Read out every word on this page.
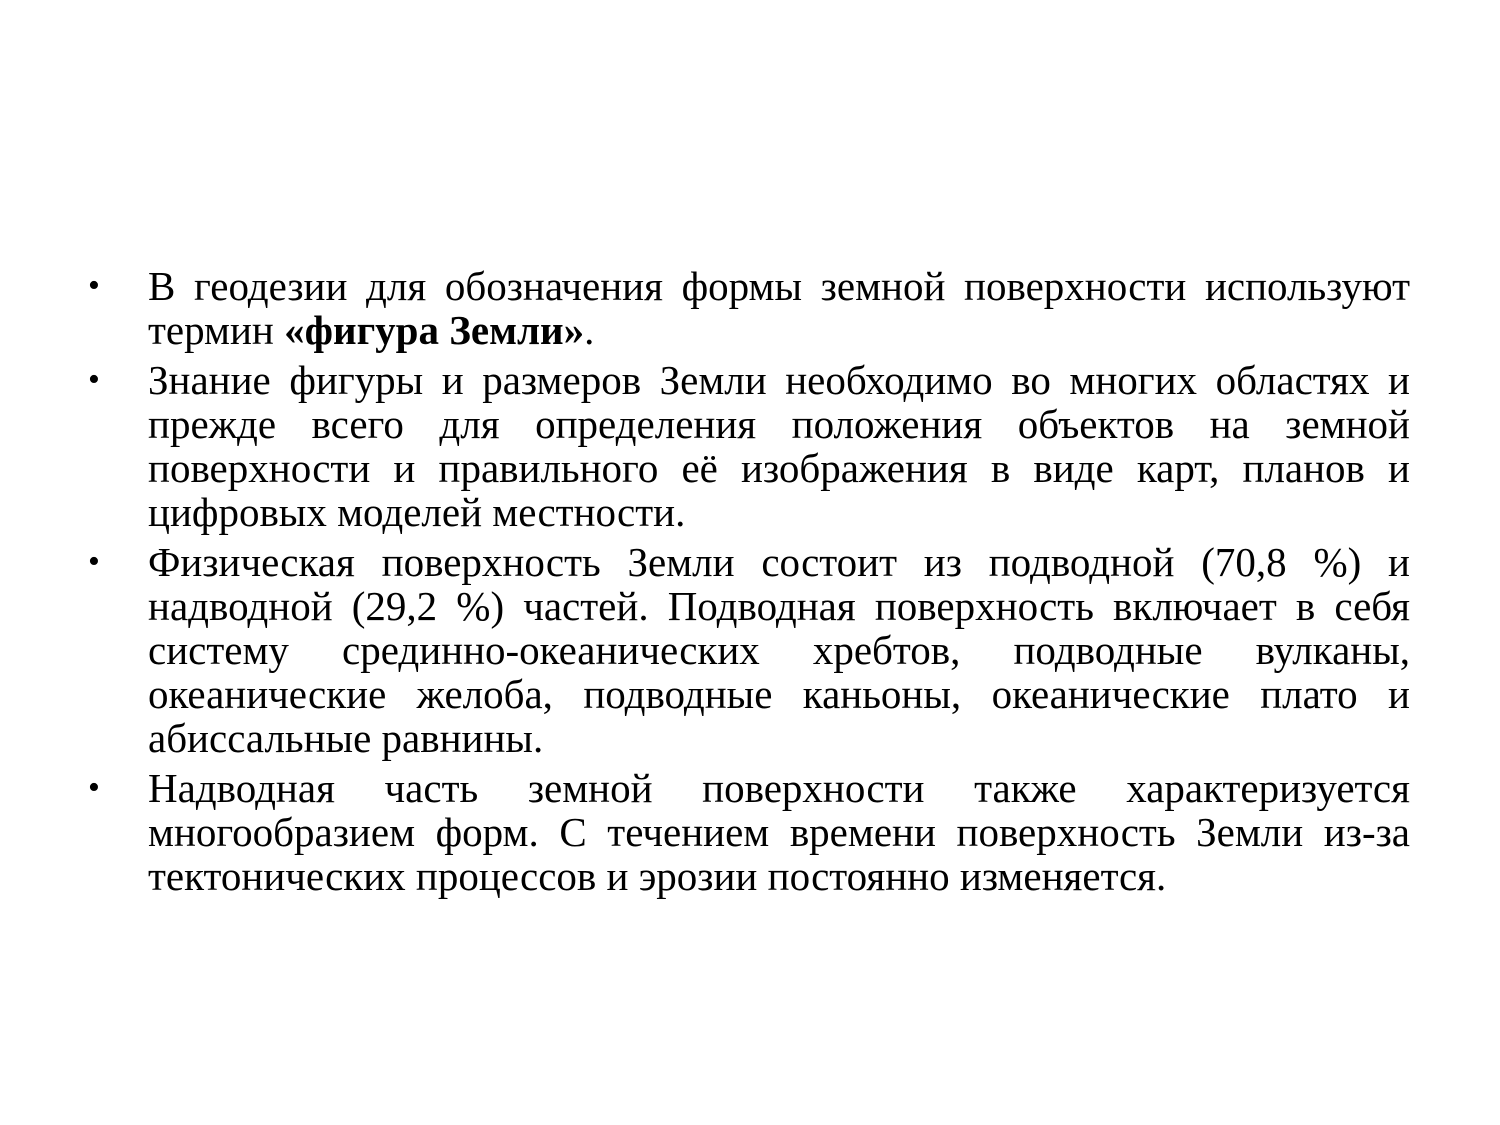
•	В геодезии для обозначения формы земной поверхности используют термин «фигура Земли».
•	Знание фигуры и размеров Земли необходимо во многих областях и прежде всего для определения положения объектов на земной поверхности и правильного её изображения в виде карт, планов и цифровых моделей местности.
•	Физическая поверхность Земли состоит из подводной (70,8 %) и надводной (29,2 %) частей. Подводная поверхность включает в себя систему срединно-океанических хребтов, подводные вулканы, океанические желоба, подводные каньоны, океанические плато и абиссальные равнины.
•	Надводная часть земной поверхности также характеризуется многообразием форм. С течением времени поверхность Земли из-за тектонических процессов и эрозии постоянно изменяется.
